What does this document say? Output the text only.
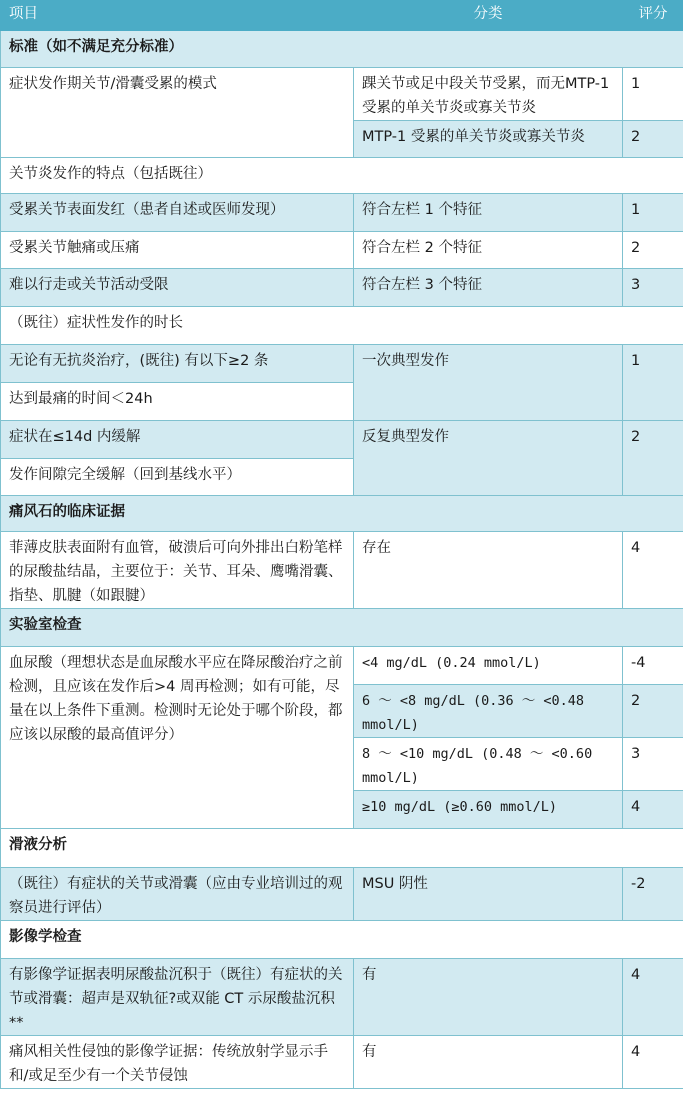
项目	分类	评分
标准（如不满足充分标准）		
症状发作期关节/滑囊受累的模式	踝关节或足中段关节受累，而无MTP-1 受累的单关节炎或寡关节炎	1
	MTP-1 受累的单关节炎或寡关节炎	2
关节炎发作的特点（包括既往）		
受累关节表面发红（患者自述或医师发现）	符合左栏 1 个特征	1
受累关节触痛或压痛	符合左栏 2 个特征	2
难以行走或关节活动受限	符合左栏 3 个特征	3
（既往）症状性发作的时长		
无论有无抗炎治疗，(既往) 有以下≥2 条	一次典型发作	1
达到最痛的时间＜24h		
症状在≤14d 内缓解	反复典型发作	2
发作间隙完全缓解（回到基线水平）		
痛风石的临床证据		
菲薄皮肤表面附有血管，破溃后可向外排出白粉笔样的尿酸盐结晶，主要位于：关节、耳朵、鹰嘴滑囊、指垫、肌腱（如跟腱）	存在	4
实验室检查		
血尿酸（理想状态是血尿酸水平应在降尿酸治疗之前检测，且应该在发作后>4 周再检测；如有可能，尽量在以上条件下重测。检测时无论处于哪个阶段，都应该以尿酸的最高值评分）	<4 mg/dL (0.24 mmol/L)	-4
	6 ～ <8 mg/dL (0.36 ～ <0.48 mmol/L)	2
	8 ～ <10 mg/dL (0.48 ～ <0.60 mmol/L)	3
	≥10 mg/dL (≥0.60 mmol/L)	4
滑液分析		
（既往）有症状的关节或滑囊（应由专业培训过的观察员进行评估）	MSU 阴性	-2
影像学检查		
有影像学证据表明尿酸盐沉积于（既往）有症状的关节或滑囊：超声是双轨征?或双能 CT 示尿酸盐沉积**	有	4
痛风相关性侵蚀的影像学证据：传统放射学显示手和/或足至少有一个关节侵蚀	有	4
